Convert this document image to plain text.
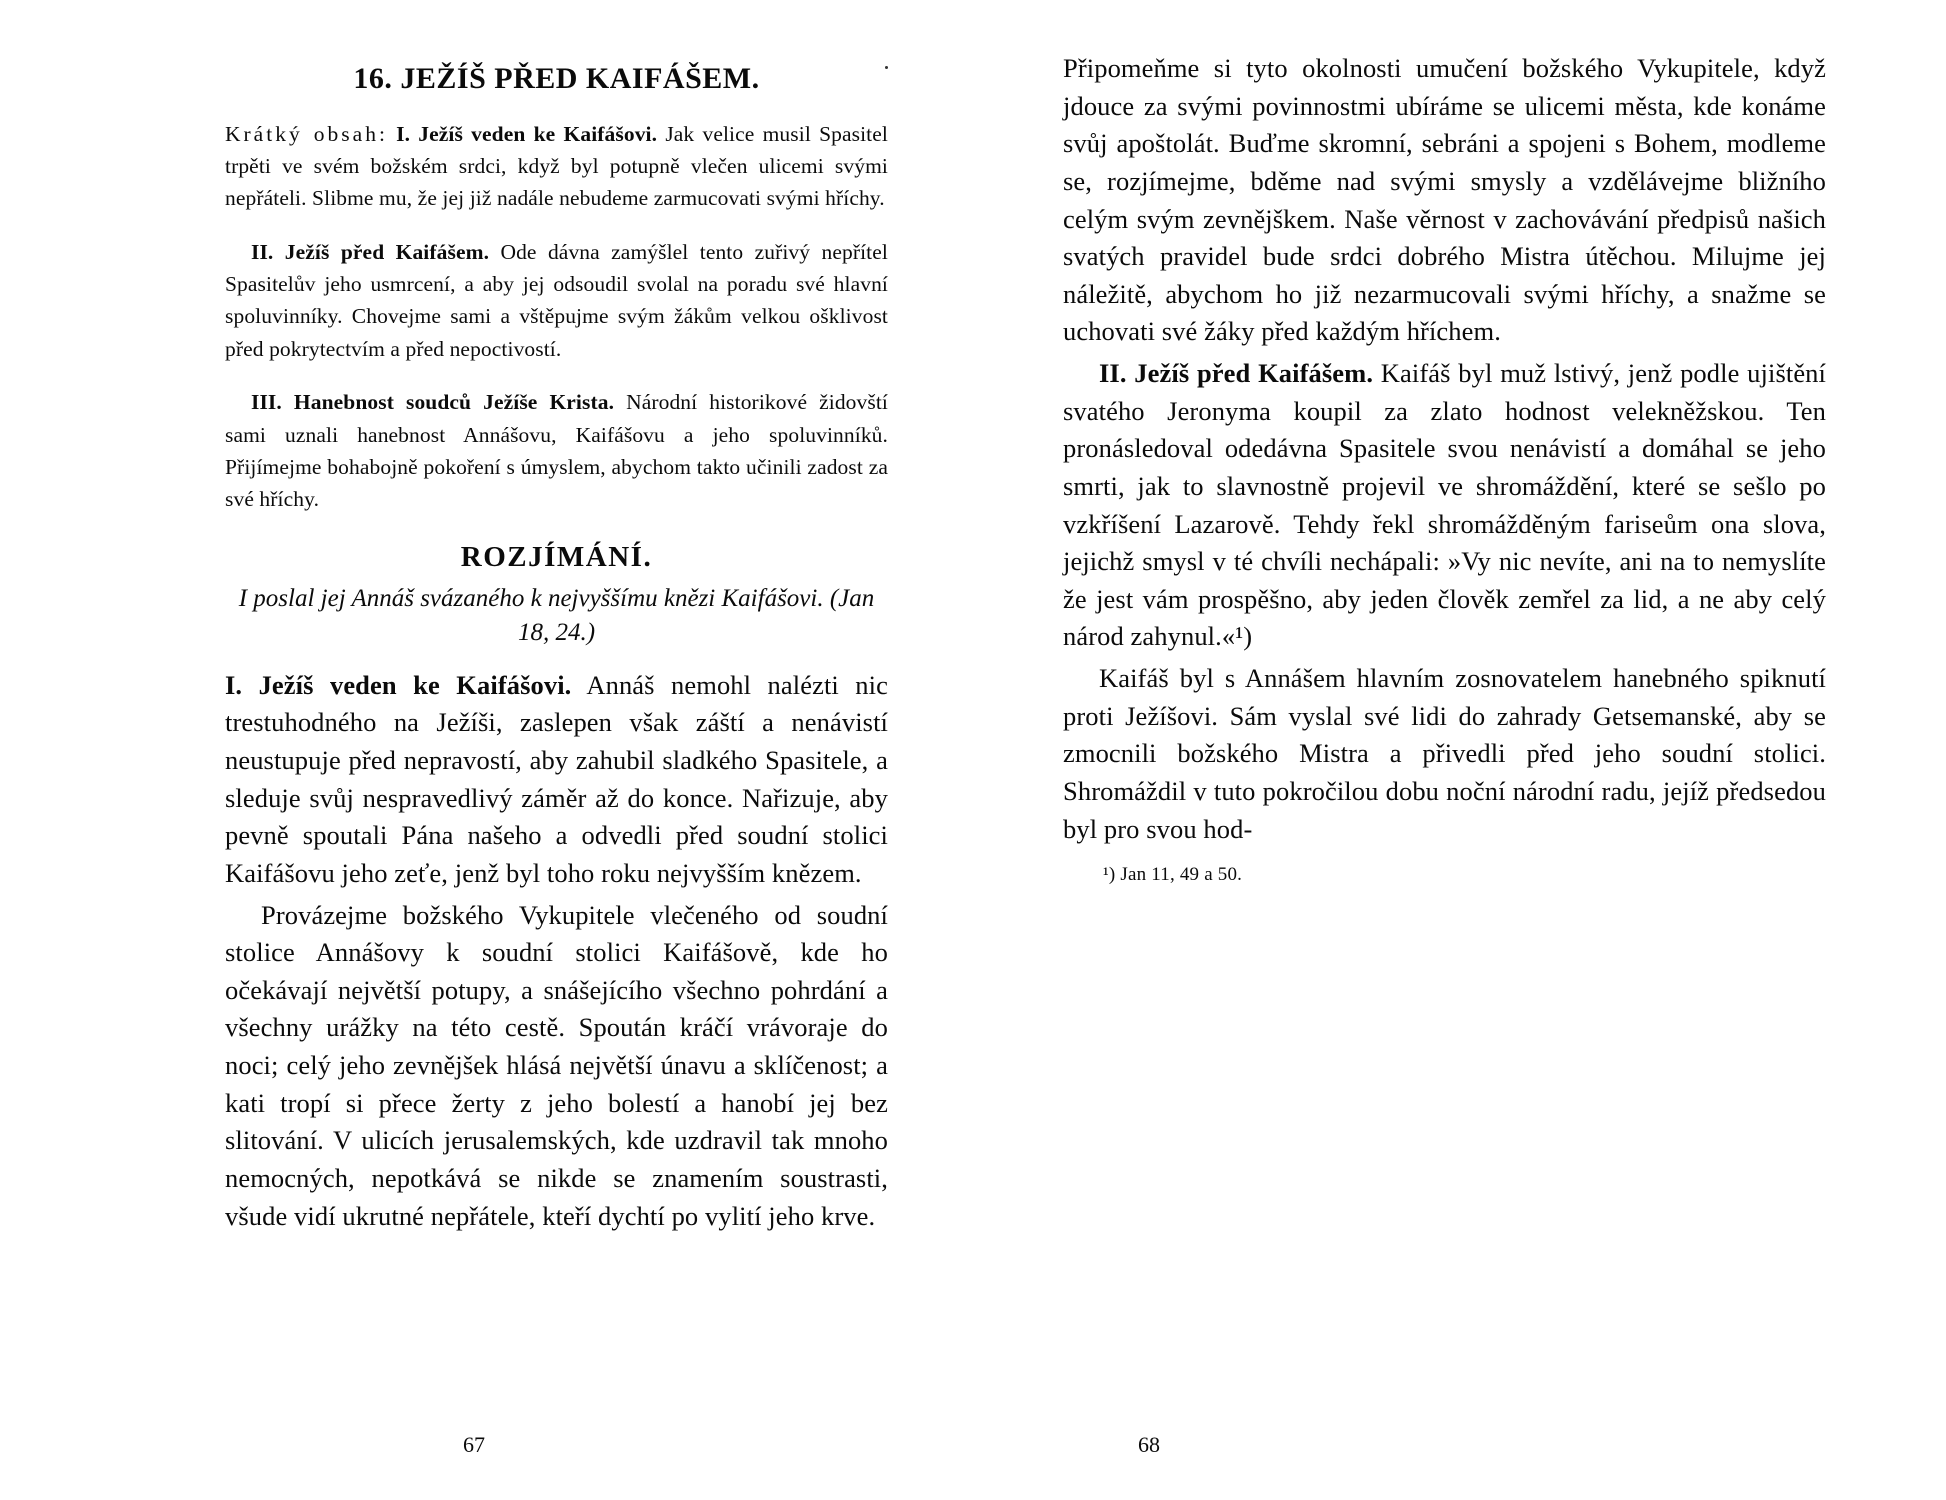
16. JEŽÍŠ PŘED KAIFÁŠEM.

Krátký obsah: I. Ježíš veden ke Kaifášovi. Jak velice musil Spasitel trpěti ve svém božském srdci, když byl potupně vlečen ulicemi svými nepřáteli. Slibme mu, že jej již nadále nebudeme zarmucovati svými hříchy.

II. Ježíš před Kaifášem. Ode dávna zamýšlel tento zuřivý nepřítel Spasitelův jeho usmrcení, a aby jej odsoudil svolal na poradu své hlavní spoluvinníky. Chovejme sami a vštěpujme svým žákům velkou ošklivost před pokrytectvím a před nepoctivostí.

III. Hanebnost soudců Ježíše Krista. Národní historikové židovští sami uznali hanebnost Annášovu, Kaifášovu a jeho spoluvinníků. Přijímejme bohabojně pokoření s úmyslem, abychom takto učinili zadost za své hříchy.

ROZJÍMÁNÍ.

I poslal jej Annáš svázaného k nejvyššímu knězi Kaifášovi. (Jan 18, 24.)

I. Ježíš veden ke Kaifášovi. Annáš nemohl nalézti nic trestuhodného na Ježíši, zaslepen však záští a nenávistí neustupuje před nepravostí, aby zahubil sladkého Spasitele, a sleduje svůj nespravedlivý záměr až do konce. Nařizuje, aby pevně spoutali Pána našeho a odvedli před soudní stolici Kaifášovu jeho zeťe, jenž byl toho roku nejvyšším knězem.

Provázejme božského Vykupitele vlečeného od soudní stolice Annášovy k soudní stolici Kaifášově, kde ho očekávají největší potupy, a snášejícího všechno pohrdání a všechny urážky na této cestě. Spoután kráčí vrávoraje do noci; celý jeho zevnějšek hlásá největší únavu a sklíčenost; a kati tropí si přece žerty z jeho bolestí a hanobí jej bez slitování. V ulicích jerusalemských, kde uzdravil tak mnoho nemocných, nepotkává se nikde se znamením soustrasti, všude vidí ukrutné nepřátele, kteří dychtí po vylití jeho krve.

67

Připomeňme si tyto okolnosti umučení božského Vykupitele, když jdouce za svými povinnostmi ubíráme se ulicemi města, kde konáme svůj apoštolát. Buďme skromní, sebráni a spojeni s Bohem, modleme se, rozjímejme, bděme nad svými smysly a vzdělávejme bližního celým svým zevnějškem. Naše věrnost v zachovávání předpisů našich svatých pravidel bude srdci dobrého Mistra útěchou. Milujme jej náležitě, abychom ho již nezarmucovali svými hříchy, a snažme se uchovati své žáky před každým hříchem.

II. Ježíš před Kaifášem. Kaifáš byl muž lstivý, jenž podle ujištění svatého Jeronyma koupil za zlato hodnost velekněžskou. Ten pronásledoval odedávna Spasitele svou nenávistí a domáhal se jeho smrti, jak to slavnostně projevil ve shromáždění, které se sešlo po vzkříšení Lazarově. Tehdy řekl shromážděným fariseům ona slova, jejichž smysl v té chvíli nechápali: »Vy nic nevíte, ani na to nemyslíte že jest vám prospěšno, aby jeden člověk zemřel za lid, a ne aby celý národ zahynul.«¹)

Kaifáš byl s Annášem hlavním zosnovatelem hanebného spiknutí proti Ježíšovi. Sám vyslal své lidi do zahrady Getsemanské, aby se zmocnili božského Mistra a přivedli před jeho soudní stolici. Shromáždil v tuto pokročilou dobu noční národní radu, jejíž předsedou byl pro svou hod-

¹) Jan 11, 49 a 50.

68
